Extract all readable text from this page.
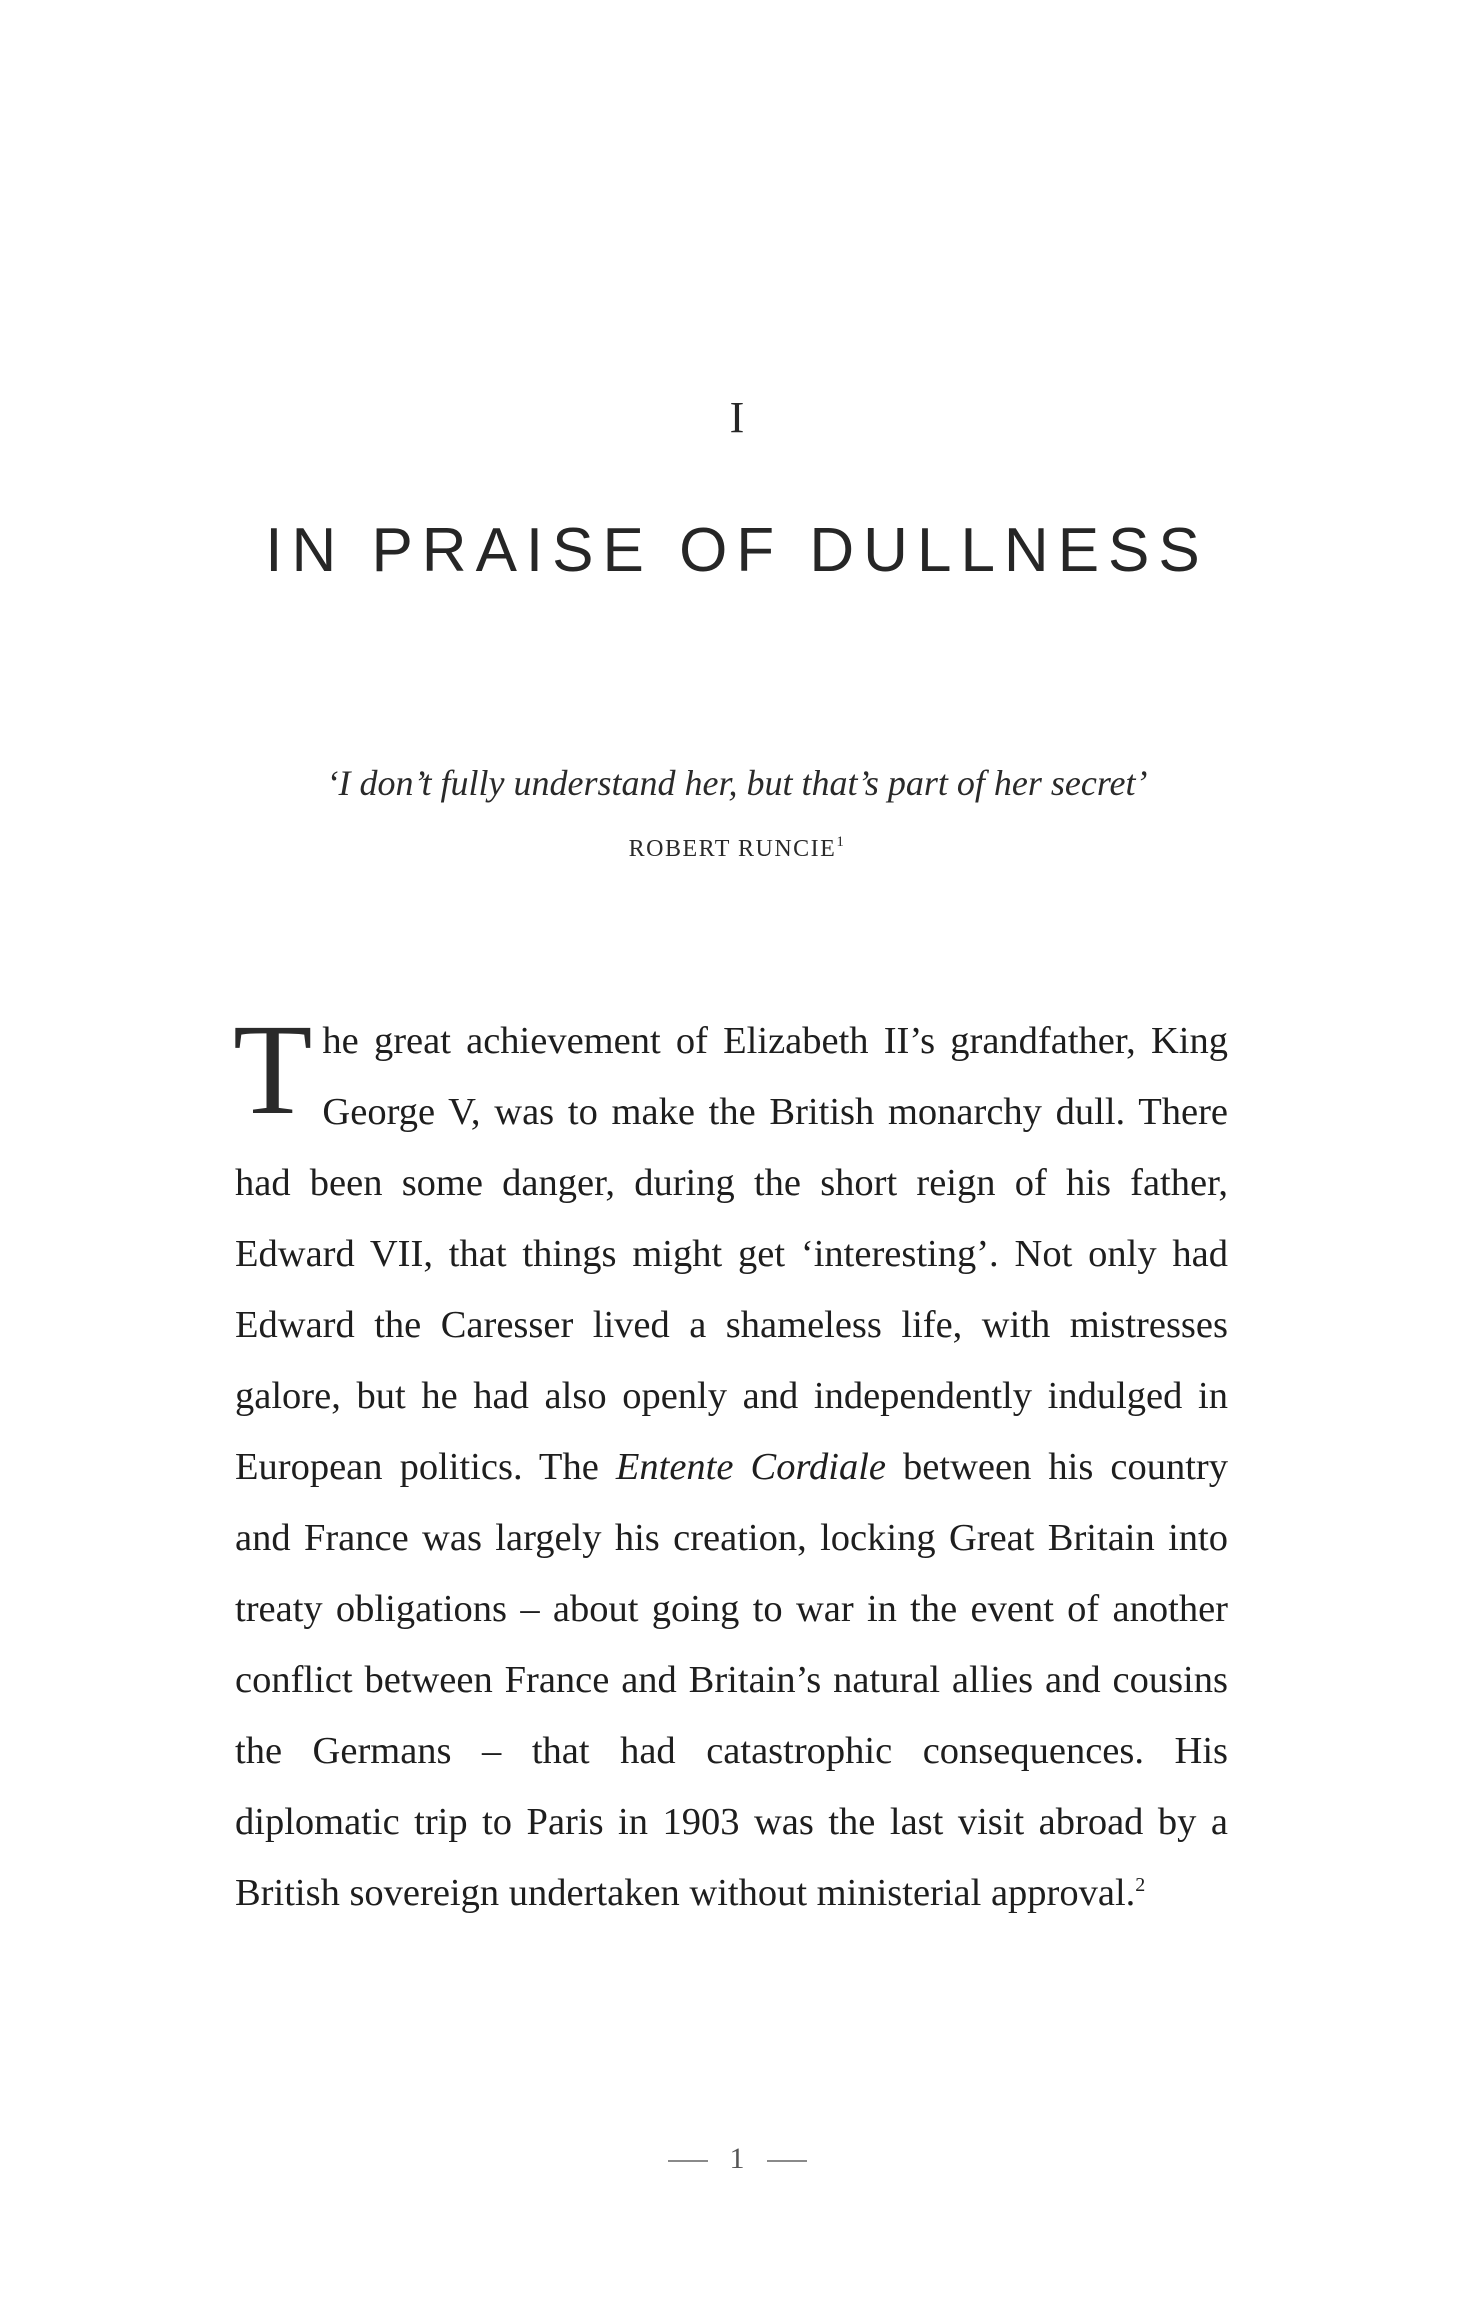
I
IN PRAISE OF DULLNESS
‘I don’t fully understand her, but that’s part of her secret’
ROBERT RUNCIE$^1$

The great achievement of Elizabeth II’s grandfather, King George V, was to make the British monarchy dull. There had been some danger, during the short reign of his father, Edward VII, that things might get ‘interesting’. Not only had Edward the Caresser lived a shameless life, with mistresses galore, but he had also openly and independently indulged in European politics. The Entente Cordiale between his country and France was largely his creation, locking Great Britain into treaty obligations – about going to war in the event of another conflict between France and Britain’s natural allies and cousins the Germans – that had catastrophic consequences. His diplomatic trip to Paris in 1903 was the last visit abroad by a British sovereign undertaken without ministerial approval.$^2$

1
